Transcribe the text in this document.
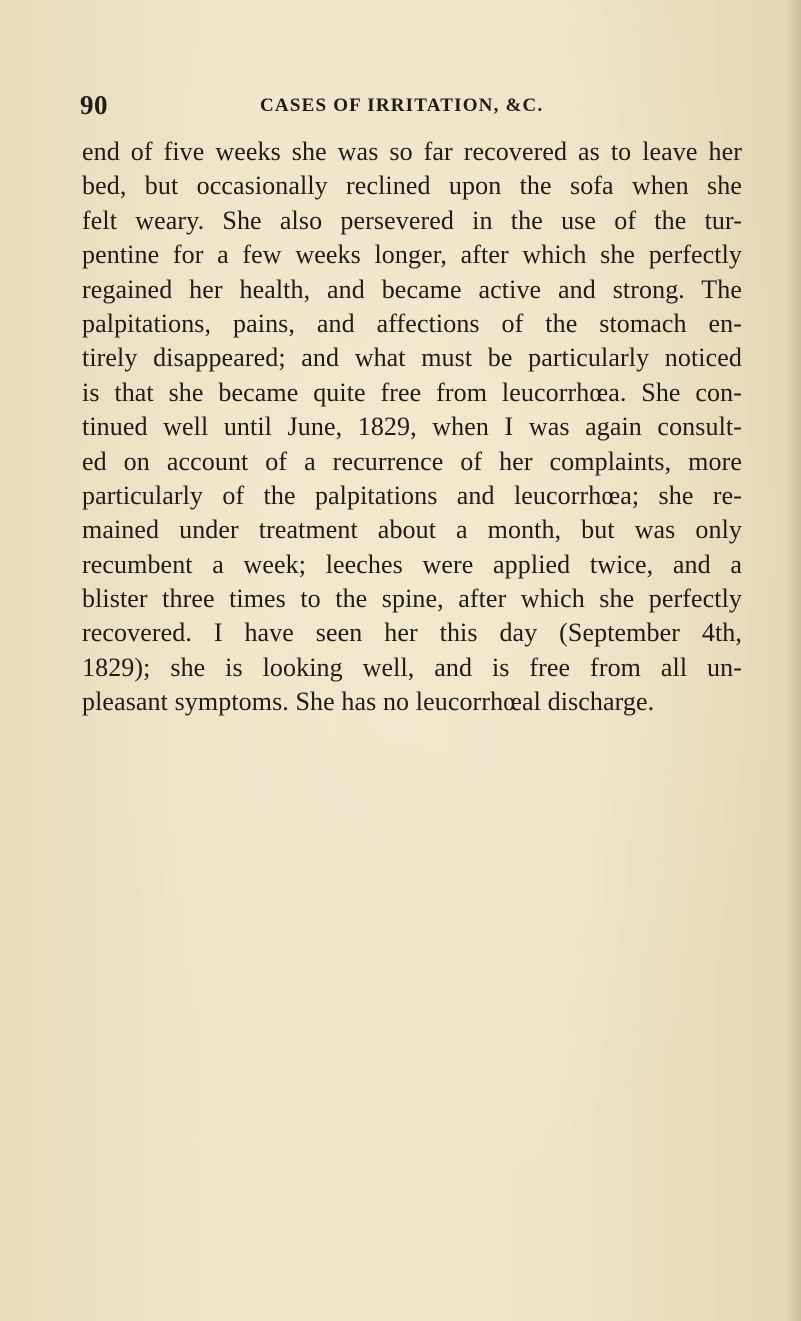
90	CASES OF IRRITATION, &C.
end of five weeks she was so far recovered as to leave her
bed, but occasionally reclined upon the sofa when she
felt weary. She also persevered in the use of the tur-
pentine for a few weeks longer, after which she perfectly
regained her health, and became active and strong. The
palpitations, pains, and affections of the stomach en-
tirely disappeared; and what must be particularly noticed
is that she became quite free from leucorrhœa. She con-
tinued well until June, 1829, when I was again consult-
ed on account of a recurrence of her complaints, more
particularly of the palpitations and leucorrhœa; she re-
mained under treatment about a month, but was only
recumbent a week; leeches were applied twice, and a
blister three times to the spine, after which she perfectly
recovered. I have seen her this day (September 4th,
1829); she is looking well, and is free from all un-
pleasant symptoms. She has no leucorrhœal discharge.
